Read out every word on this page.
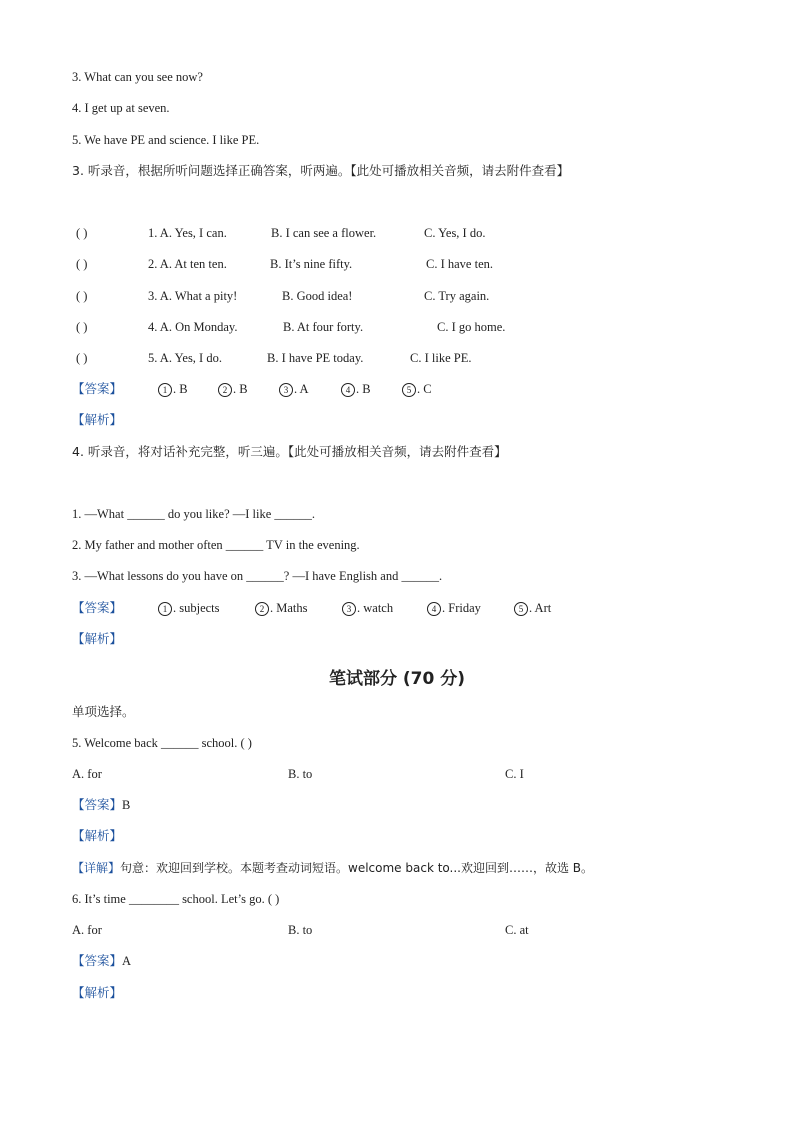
3. What can you see now?
4. I get up at seven.
5. We have PE and science. I like PE.
3. 听录音，根据所听问题选择正确答案，听两遍。【此处可播放相关音频，请去附件查看】
( )	1. A. Yes, I can.	B. I can see a flower.	C. Yes, I do.
( )	2. A. At ten ten.	B. It’s nine fifty.	C. I have ten.
( )	3. A. What a pity!	B. Good idea!	C. Try again.
( )	4. A. On Monday.	B. At four forty.	C. I go home.
( )	5. A. Yes, I do.	B. I have PE today.	C. I like PE.
【答案】	1 . B	2 . B	3 . A	4 . B	5 . C
【解析】
4. 听录音，将对话补充完整，听三遍。【此处可播放相关音频，请去附件查看】
1. —What ______ do you like? —I like ______.
2. My father and mother often ______ TV in the evening.
3. —What lessons do you have on ______? —I have English and ______.
【答案】	1 . subjects	2 . Maths	3 . watch	4 . Friday	5 . Art
【解析】
笔试部分 (70 分)
单项选择。
5. Welcome back ______ school. ( )
A. for	B. to	C. I
【答案】B
【解析】
【详解】句意：欢迎回到学校。本题考查动词短语。welcome back to...欢迎回到……，故选 B。
6. It’s time ________ school. Let’s go. ( )
A. for	B. to	C. at
【答案】A
【解析】
